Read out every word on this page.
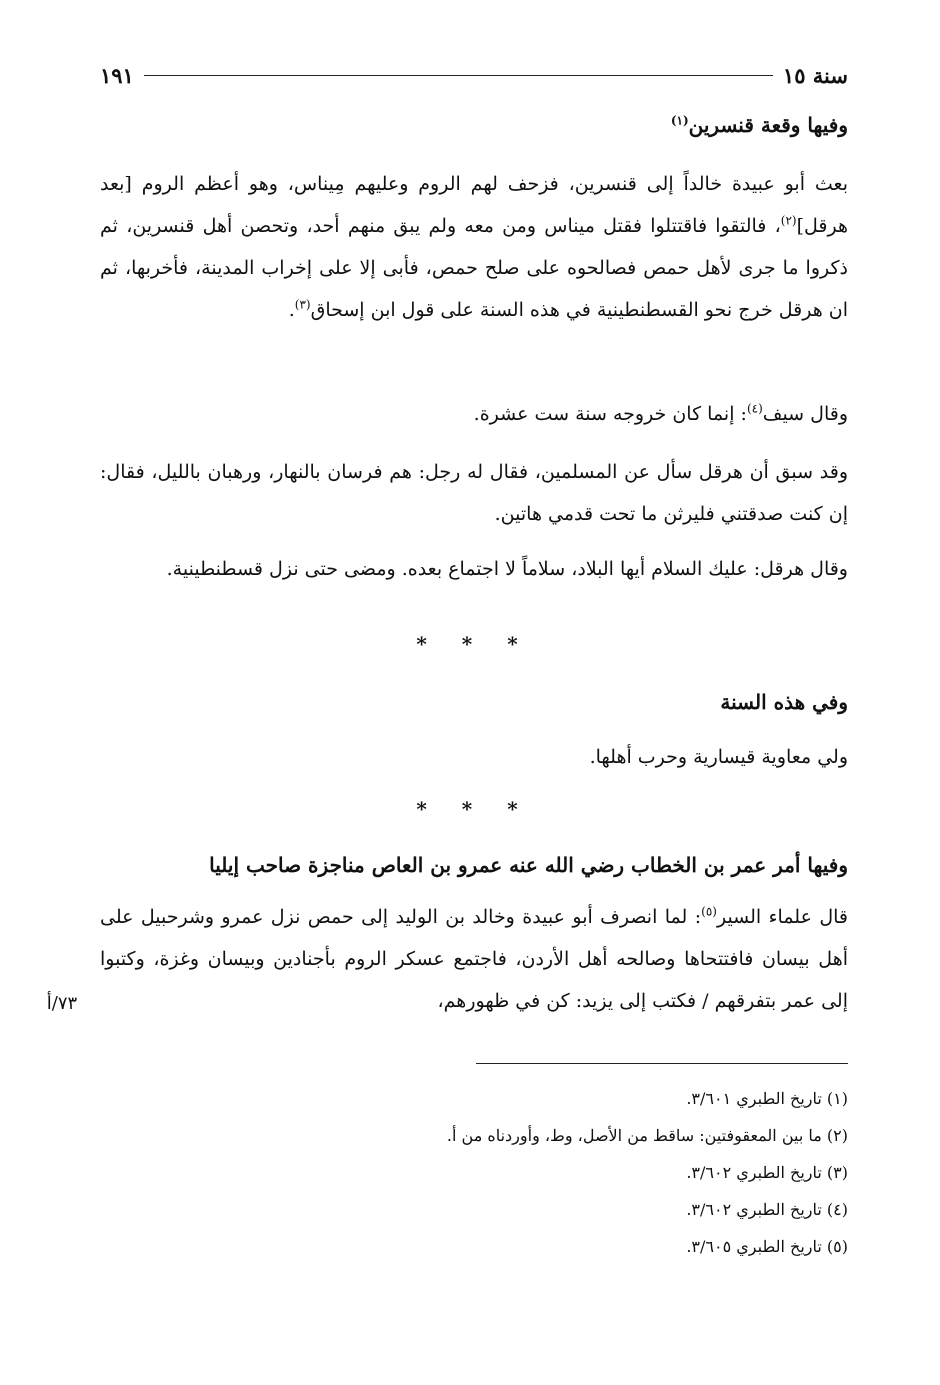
سنة ١٥
١٩١
وفيها وقعة قنسرين$^{(١)}$

بعث أبو عبيدة خالداً إلى قنسرين، فزحف لهم الروم وعليهم مِيناس، وهو أعظم الروم [بعد هرقل]$^{(٢)}$، فالتقوا فاقتتلوا فقتل ميناس ومن معه ولم يبق منهم أحد، وتحصن أهل قنسرين، ثم ذكروا ما جرى لأهل حمص فصالحوه على صلح حمص، فأبى إلا على إخراب المدينة، فأخربها، ثم ان هرقل خرج نحو القسطنطينية في هذه السنة على قول ابن إسحاق$^{(٣)}$.

وقال سيف$^{(٤)}$: إنما كان خروجه سنة ست عشرة.

وقد سبق أن هرقل سأل عن المسلمين، فقال له رجل: هم فرسان بالنهار، ورهبان بالليل، فقال: إن كنت صدقتني فليرثن ما تحت قدمي هاتين.

وقال هرقل: عليك السلام أيها البلاد، سلاماً لا اجتماع بعده. ومضى حتى نزل قسطنطينية.

* * *
وفي هذه السنة

ولي معاوية قيسارية وحرب أهلها.

* * *
وفيها أمر عمر بن الخطاب رضي الله عنه عمرو بن العاص مناجزة صاحب إيليا

قال علماء السير$^{(٥)}$: لما انصرف أبو عبيدة وخالد بن الوليد إلى حمص نزل عمرو وشرحبيل على أهل بيسان فافتتحاها وصالحه أهل الأردن، فاجتمع عسكر الروم بأجنادين وبيسان وغزة، وكتبوا إلى عمر بتفرقهم / فكتب إلى يزيد: كن في ظهورهم،

٧٣/أ
(١) تاريخ الطبري ٣/٦٠١.
(٢) ما بين المعقوفتين: ساقط من الأصل، وط، وأوردناه من أ.
(٣) تاريخ الطبري ٣/٦٠٢.
(٤) تاريخ الطبري ٣/٦٠٢.
(٥) تاريخ الطبري ٣/٦٠٥.
